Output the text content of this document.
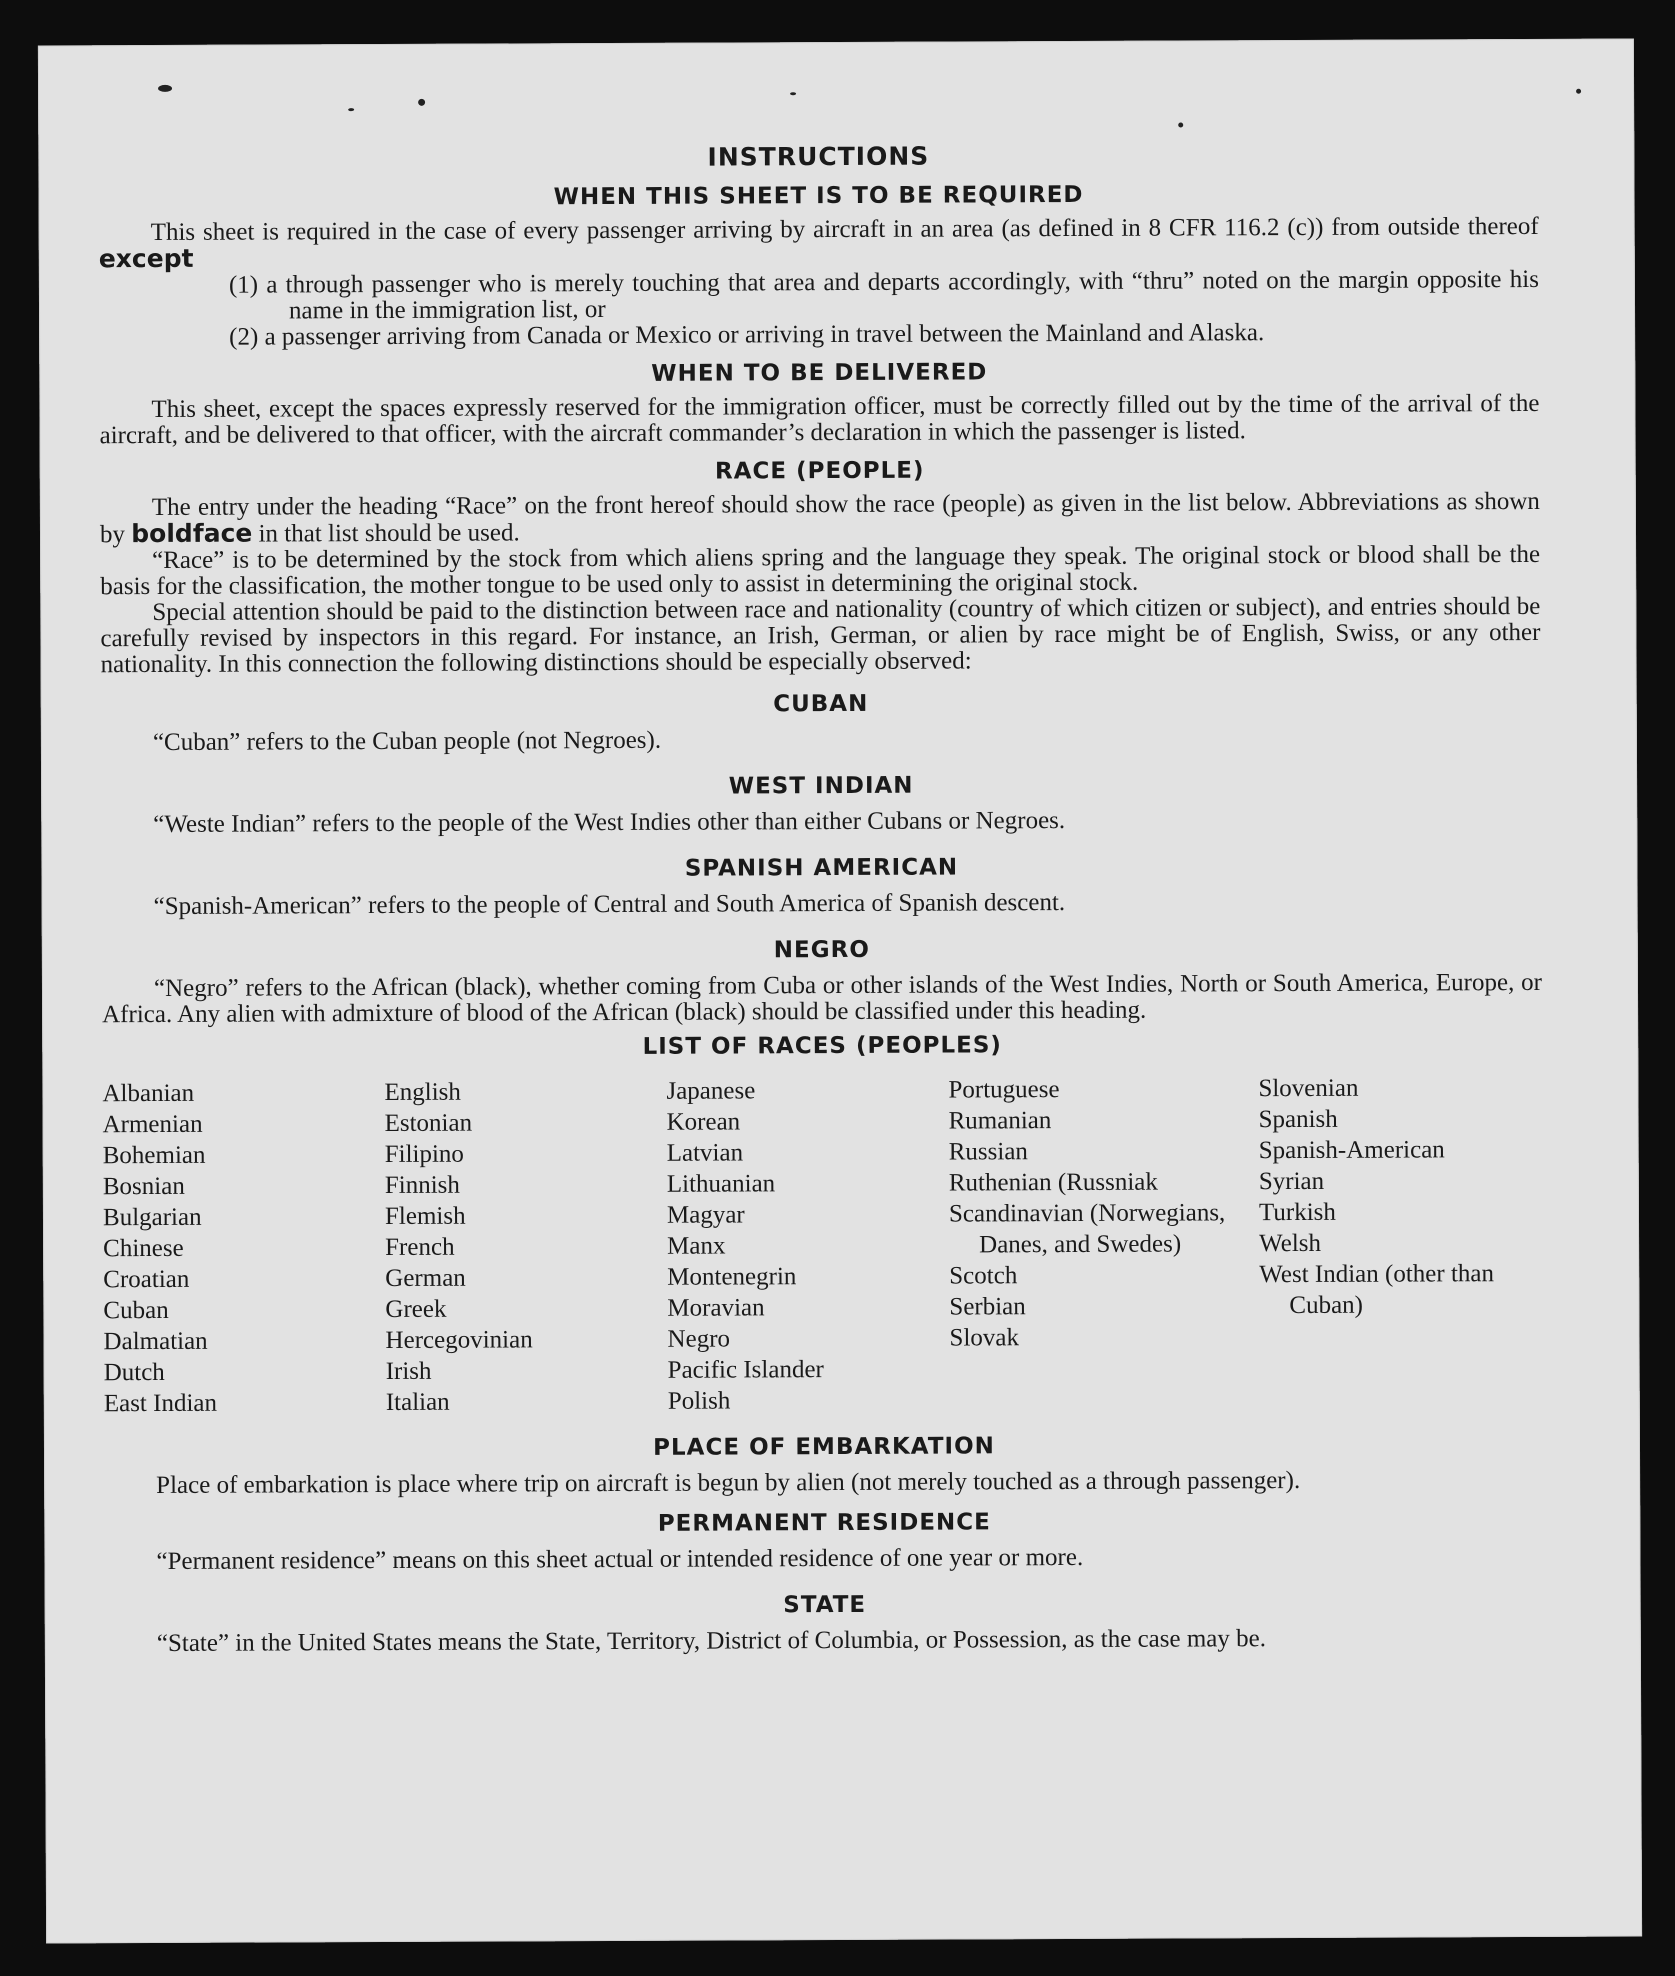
INSTRUCTIONS
WHEN THIS SHEET IS TO BE REQUIRED

This sheet is required in the case of every passenger arriving by aircraft in an area (as defined in 8 CFR 116.2 (c)) from outside thereof except

(1) a through passenger who is merely touching that area and departs accordingly, with “thru” noted on the margin opposite his name in the immigration list, or

(2) a passenger arriving from Canada or Mexico or arriving in travel between the Mainland and Alaska.

WHEN TO BE DELIVERED

This sheet, except the spaces expressly reserved for the immigration officer, must be correctly filled out by the time of the arrival of the aircraft, and be delivered to that officer, with the aircraft commander’s declaration in which the passenger is listed.

RACE (PEOPLE)

The entry under the heading “Race” on the front hereof should show the race (people) as given in the list below. Abbreviations as shown by boldface in that list should be used.

“Race” is to be determined by the stock from which aliens spring and the language they speak. The original stock or blood shall be the basis for the classification, the mother tongue to be used only to assist in determining the original stock.

Special attention should be paid to the distinction between race and nationality (country of which citizen or subject), and entries should be carefully revised by inspectors in this regard. For instance, an Irish, German, or alien by race might be of English, Swiss, or any other nationality. In this connection the following distinctions should be especially observed:

CUBAN

“Cuban” refers to the Cuban people (not Negroes).

WEST INDIAN

“Weste Indian” refers to the people of the West Indies other than either Cubans or Negroes.

SPANISH AMERICAN

“Spanish-American” refers to the people of Central and South America of Spanish descent.

NEGRO

“Negro” refers to the African (black), whether coming from Cuba or other islands of the West Indies, North or South America, Europe, or Africa. Any alien with admixture of blood of the African (black) should be classified under this heading.

LIST OF RACES (PEOPLES)
Albanian
Armenian
Bohemian
Bosnian
Bulgarian
Chinese
Croatian
Cuban
Dalmatian
Dutch
East Indian
English
Estonian
Filipino
Finnish
Flemish
French
German
Greek
Hercegovinian
Irish
Italian
Japanese
Korean
Latvian
Lithuanian
Magyar
Manx
Montenegrin
Moravian
Negro
Pacific Islander
Polish
Portuguese
Rumanian
Russian
Ruthenian (Russniak
Scandinavian (Norwegians, Danes, and Swedes)
Scotch
Serbian
Slovak
Slovenian
Spanish
Spanish-American
Syrian
Turkish
Welsh
West Indian (other than Cuban)
PLACE OF EMBARKATION

Place of embarkation is place where trip on aircraft is begun by alien (not merely touched as a through passenger).

PERMANENT RESIDENCE

“Permanent residence” means on this sheet actual or intended residence of one year or more.

STATE

“State” in the United States means the State, Territory, District of Columbia, or Possession, as the case may be.
